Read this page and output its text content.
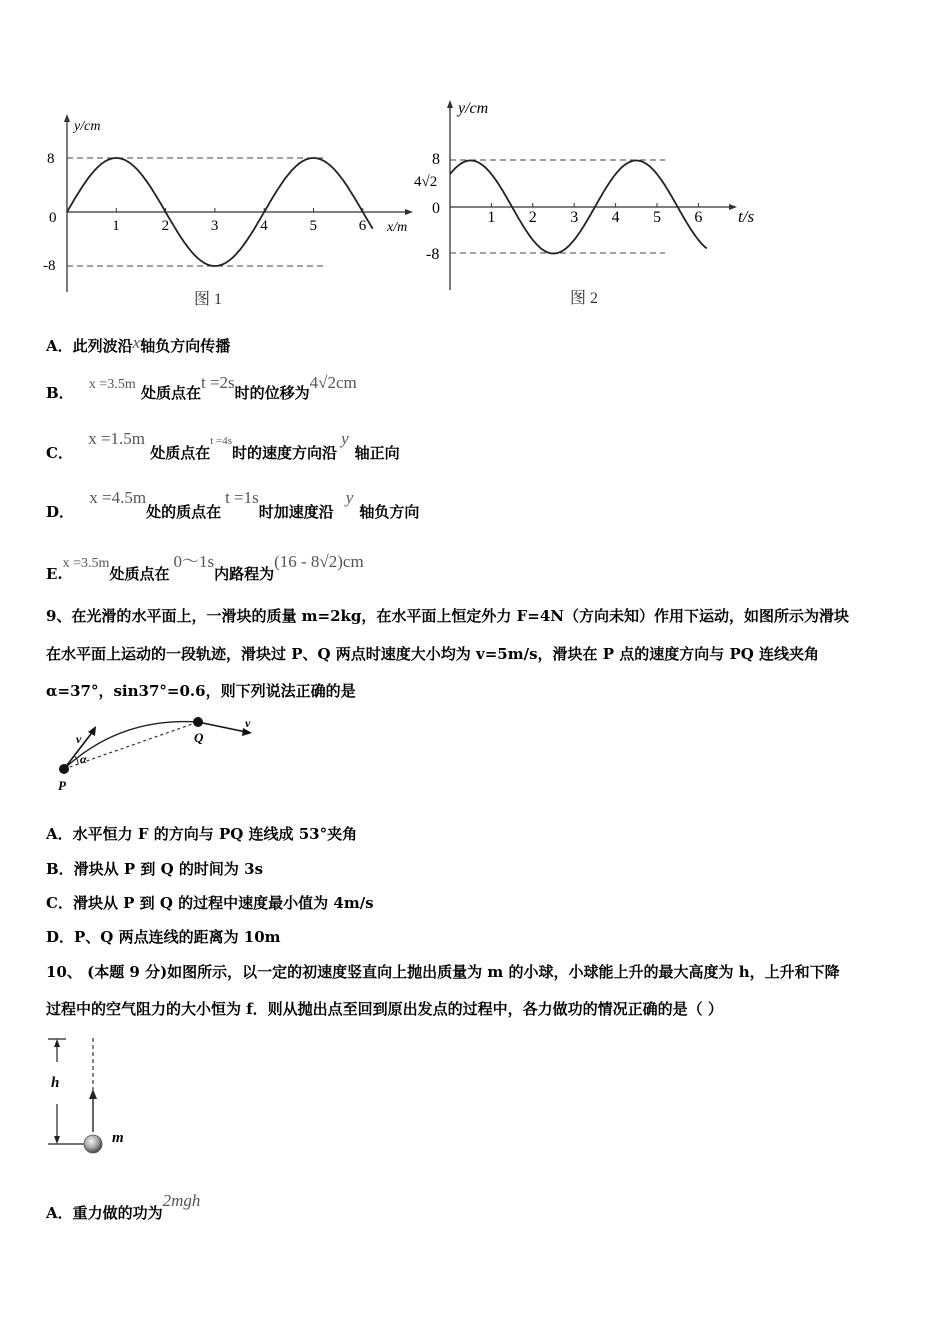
y/cm
x/m
8
0
-8
1	2	3	4	5	6
图 1
y/cm
t/s
8
4√2
0
-8
1 2 3 4 5 6
图 2
A．此列波沿x轴负方向传播
B． x =3.5m 处质点在t =2s时的位移为4√2cm
C． x =1.5m 处质点在t =4s时的速度方向沿y轴正向
D． x =4.5m处的质点在t =1s时加速度沿y轴负方向
E.x =3.5m处质点在0～1s内路程为(16 - 8√2)cm
9、在光滑的水平面上，一滑块的质量 m=2kg，在水平面上恒定外力 F=4N（方向未知）作用下运动，如图所示为滑块
在水平面上运动的一段轨迹，滑块过 P、Q 两点时速度大小均为 v=5m/s，滑块在 P 点的速度方向与 PQ 连线夹角
α=37°，sin37°=0.6，则下列说法正确的是
v
α
P
Q
v
A．水平恒力 F 的方向与 PQ 连线成 53°夹角
B．滑块从 P 到 Q 的时间为 3s
C．滑块从 P 到 Q 的过程中速度最小值为 4m/s
D．P、Q 两点连线的距离为 10m
10、 (本题 9 分)如图所示，以一定的初速度竖直向上抛出质量为 m 的小球，小球能上升的最大高度为 h，上升和下降
过程中的空气阻力的大小恒为 f．则从抛出点至回到原出发点的过程中，各力做功的情况正确的是（ ）
h
m
A．重力做的功为2mgh
